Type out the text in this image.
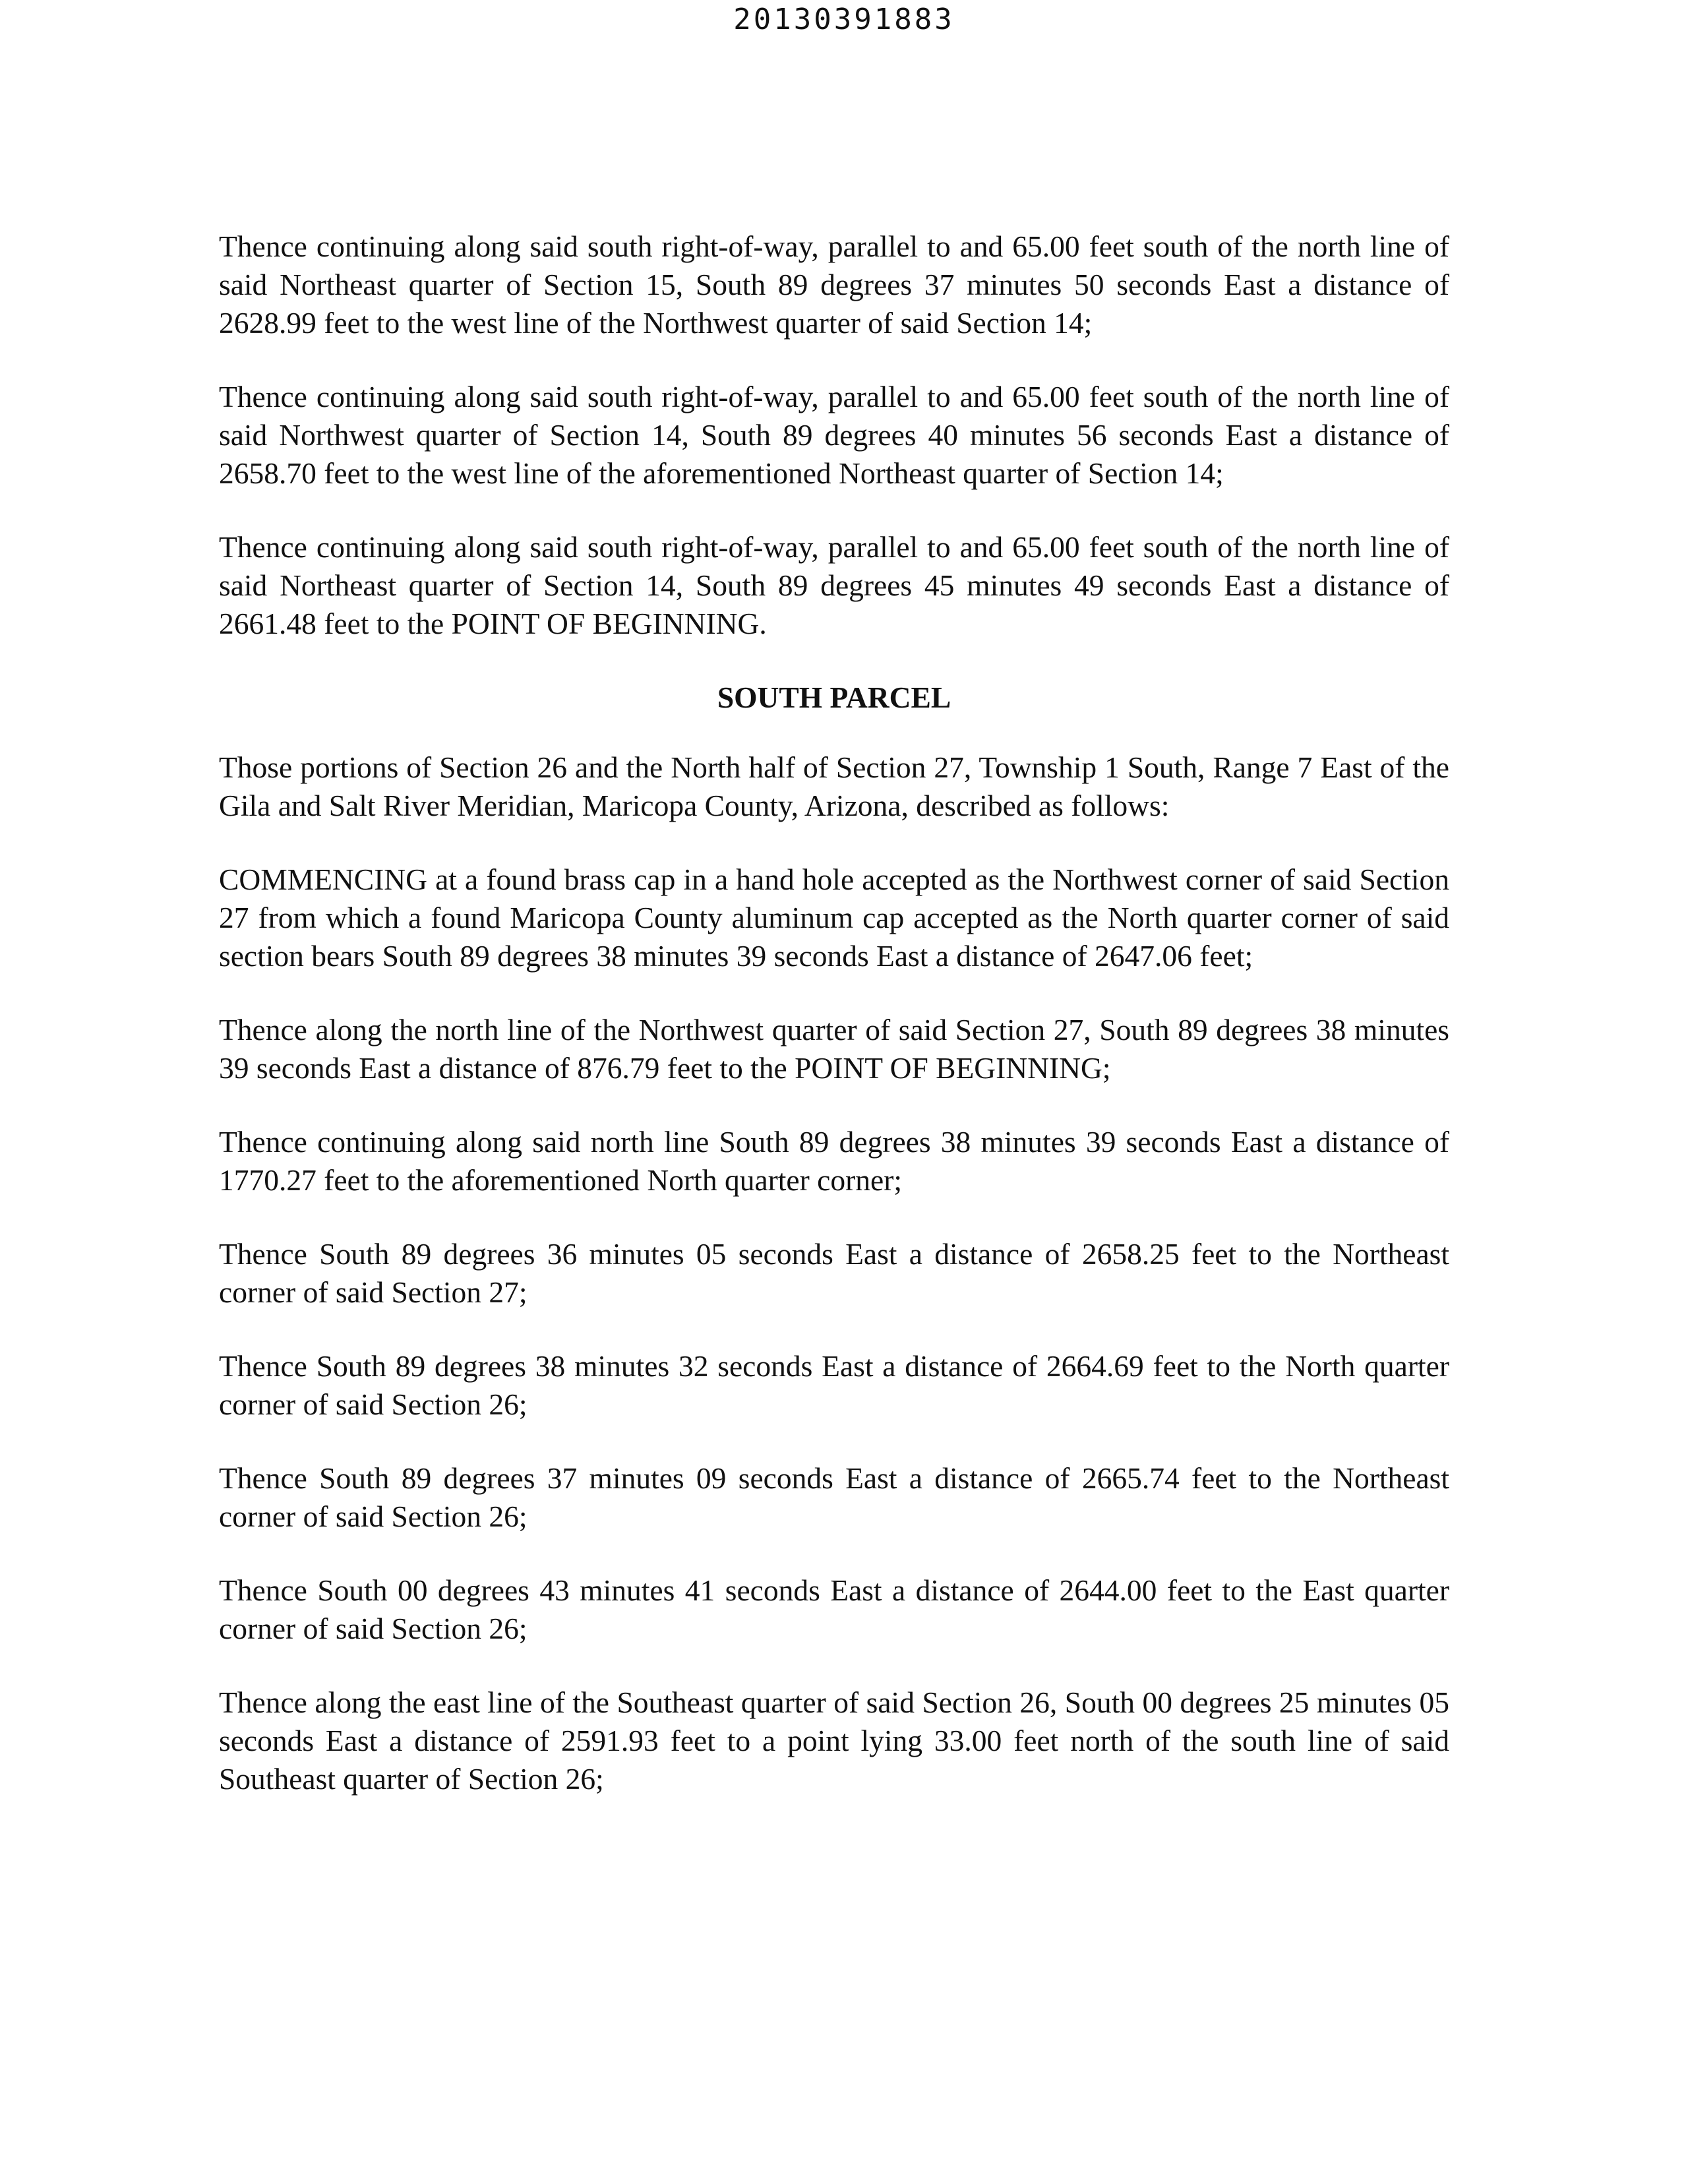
20130391883

Thence continuing along said south right-of-way, parallel to and 65.00 feet south of the north line of said Northeast quarter of Section 15, South 89 degrees 37 minutes 50 seconds East a distance of 2628.99 feet to the west line of the Northwest quarter of said Section 14;

Thence continuing along said south right-of-way, parallel to and 65.00 feet south of the north line of said Northwest quarter of Section 14, South 89 degrees 40 minutes 56 seconds East a distance of 2658.70 feet to the west line of the aforementioned Northeast quarter of Section 14;

Thence continuing along said south right-of-way, parallel to and 65.00 feet south of the north line of said Northeast quarter of Section 14, South 89 degrees 45 minutes 49 seconds East a distance of 2661.48 feet to the POINT OF BEGINNING.

SOUTH PARCEL

Those portions of Section 26 and the North half of Section 27, Township 1 South, Range 7 East of the Gila and Salt River Meridian, Maricopa County, Arizona, described as follows:

COMMENCING at a found brass cap in a hand hole accepted as the Northwest corner of said Section 27 from which a found Maricopa County aluminum cap accepted as the North quarter corner of said section bears South 89 degrees 38 minutes 39 seconds East a distance of 2647.06 feet;

Thence along the north line of the Northwest quarter of said Section 27, South 89 degrees 38 minutes 39 seconds East a distance of 876.79 feet to the POINT OF BEGINNING;

Thence continuing along said north line South 89 degrees 38 minutes 39 seconds East a distance of 1770.27 feet to the aforementioned North quarter corner;

Thence South 89 degrees 36 minutes 05 seconds East a distance of 2658.25 feet to the Northeast corner of said Section 27;

Thence South 89 degrees 38 minutes 32 seconds East a distance of 2664.69 feet to the North quarter corner of said Section 26;

Thence South 89 degrees 37 minutes 09 seconds East a distance of 2665.74 feet to the Northeast corner of said Section 26;

Thence South 00 degrees 43 minutes 41 seconds East a distance of 2644.00 feet to the East quarter corner of said Section 26;

Thence along the east line of the Southeast quarter of said Section 26, South 00 degrees 25 minutes 05 seconds East a distance of 2591.93 feet to a point lying 33.00 feet north of the south line of said Southeast quarter of Section 26;
